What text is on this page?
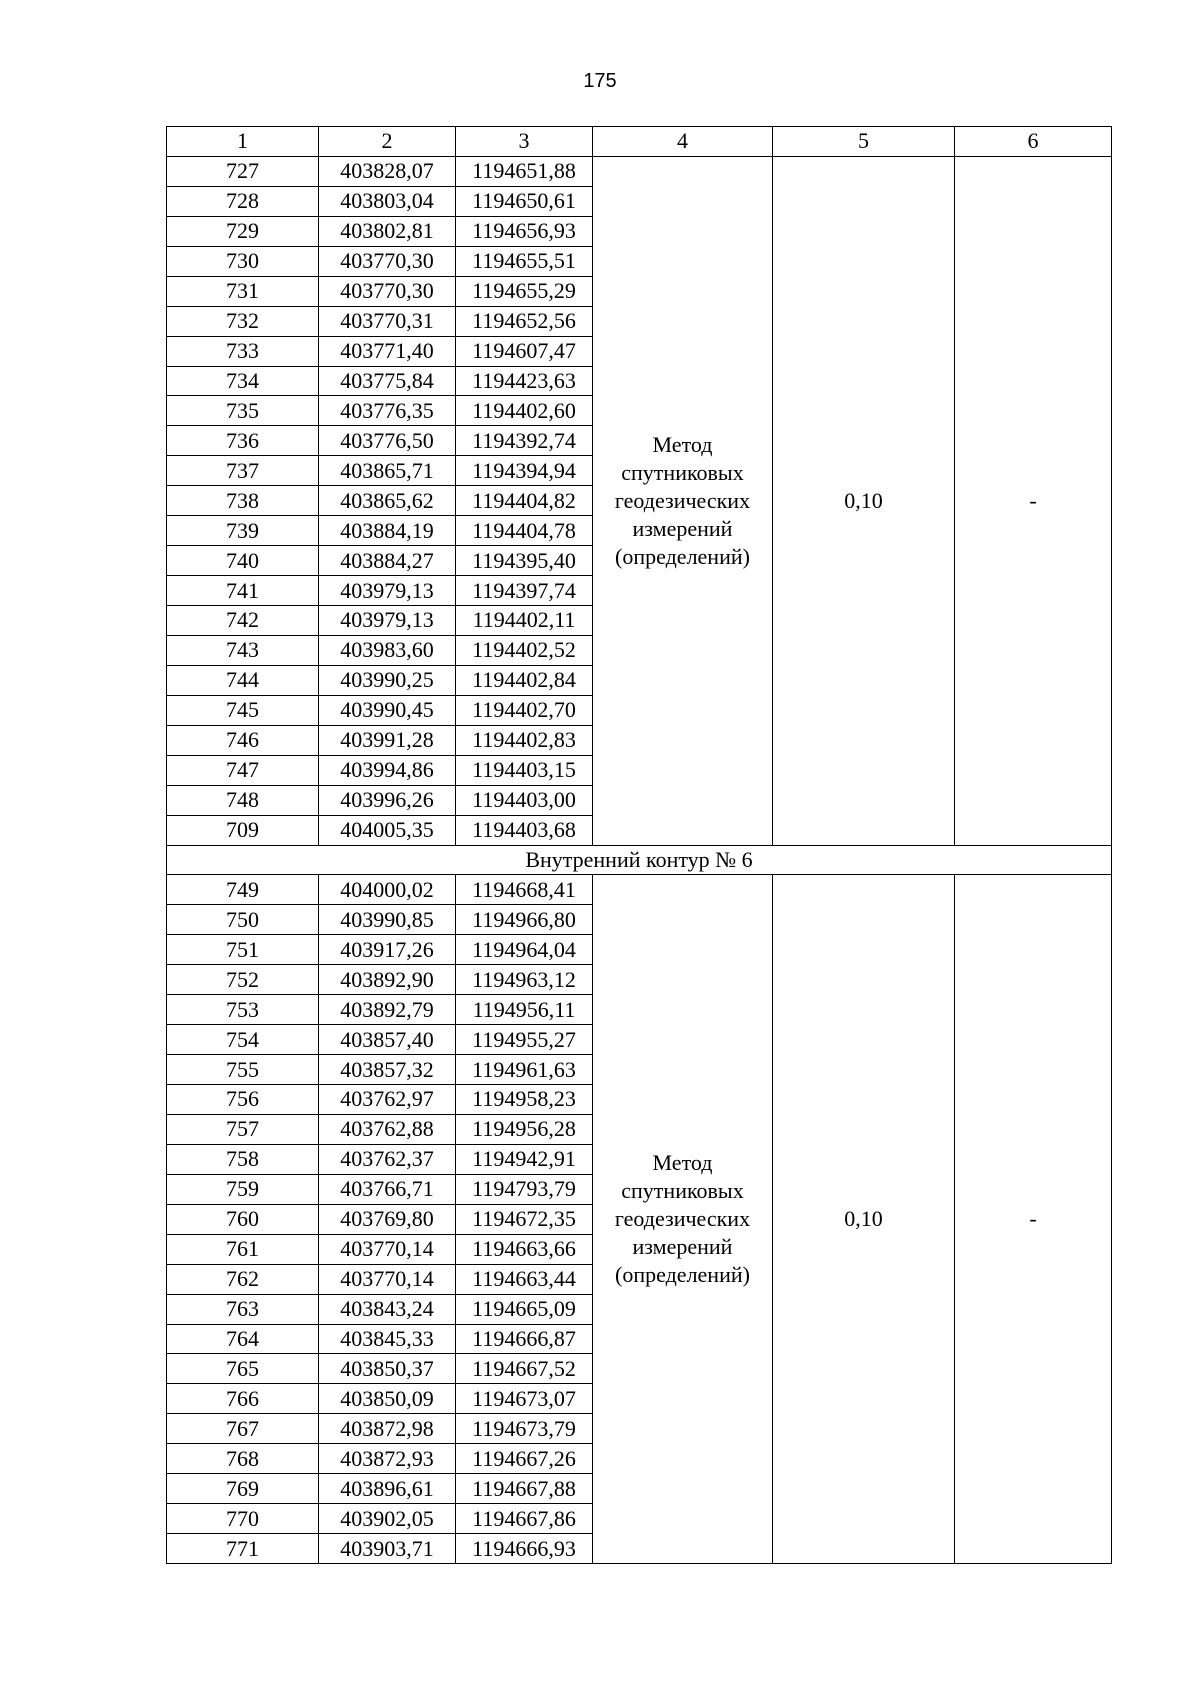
175
1	2	3	4	5	6
727	403828,07	1194651,88	Метод
спутниковых
геодезических
измерений
(определений)	0,10	-
728	403803,04	1194650,61			
729	403802,81	1194656,93			
730	403770,30	1194655,51			
731	403770,30	1194655,29			
732	403770,31	1194652,56			
733	403771,40	1194607,47			
734	403775,84	1194423,63			
735	403776,35	1194402,60			
736	403776,50	1194392,74			
737	403865,71	1194394,94			
738	403865,62	1194404,82			
739	403884,19	1194404,78			
740	403884,27	1194395,40			
741	403979,13	1194397,74			
742	403979,13	1194402,11			
743	403983,60	1194402,52			
744	403990,25	1194402,84			
745	403990,45	1194402,70			
746	403991,28	1194402,83			
747	403994,86	1194403,15			
748	403996,26	1194403,00			
709	404005,35	1194403,68			
Внутренний контур № 6					
749	404000,02	1194668,41	Метод
спутниковых
геодезических
измерений
(определений)	0,10	-
750	403990,85	1194966,80			
751	403917,26	1194964,04			
752	403892,90	1194963,12			
753	403892,79	1194956,11			
754	403857,40	1194955,27			
755	403857,32	1194961,63			
756	403762,97	1194958,23			
757	403762,88	1194956,28			
758	403762,37	1194942,91			
759	403766,71	1194793,79			
760	403769,80	1194672,35			
761	403770,14	1194663,66			
762	403770,14	1194663,44			
763	403843,24	1194665,09			
764	403845,33	1194666,87			
765	403850,37	1194667,52			
766	403850,09	1194673,07			
767	403872,98	1194673,79			
768	403872,93	1194667,26			
769	403896,61	1194667,88			
770	403902,05	1194667,86			
771	403903,71	1194666,93			
